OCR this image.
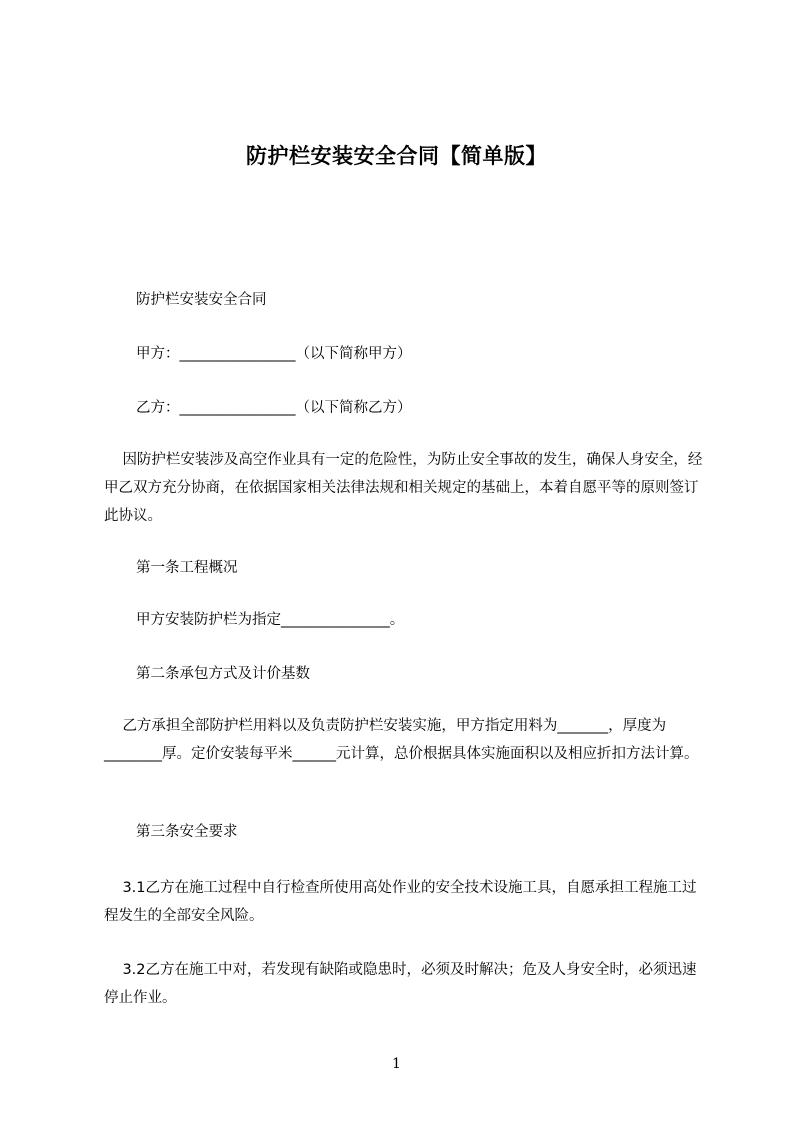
防护栏安装安全合同【简单版】
防护栏安装安全合同
甲方：________________（以下简称甲方）
乙方：________________（以下简称乙方）
因防护栏安装涉及高空作业具有一定的危险性，为防止安全事故的发生，确保人身安全，经甲乙双方充分协商，在依据国家相关法律法规和相关规定的基础上，本着自愿平等的原则签订此协议。
第一条工程概况
甲方安装防护栏为指定_______________。
第二条承包方式及计价基数
乙方承担全部防护栏用料以及负责防护栏安装实施，甲方指定用料为_______，厚度为________厚。定价安装每平米______元计算，总价根据具体实施面积以及相应折扣方法计算。
第三条安全要求
3.1乙方在施工过程中自行检查所使用高处作业的安全技术设施工具，自愿承担工程施工过程发生的全部安全风险。
3.2乙方在施工中对，若发现有缺陷或隐患时，必须及时解决；危及人身安全时，必须迅速停止作业。
1
